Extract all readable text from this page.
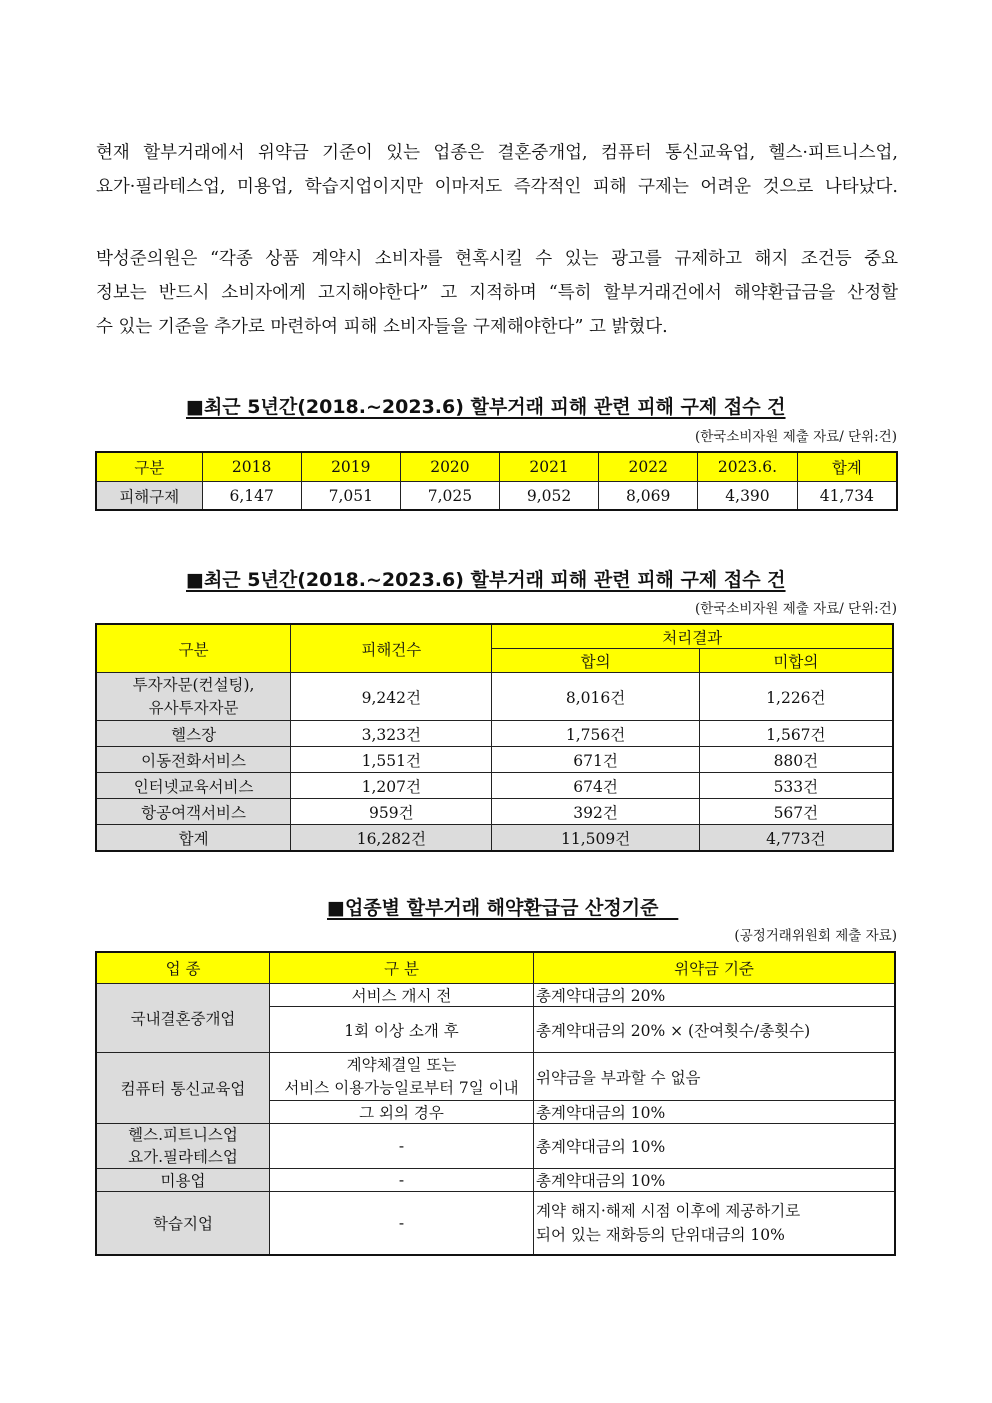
현재 할부거래에서 위약금 기준이 있는 업종은 결혼중개업, 컴퓨터 통신교육업, 헬스·피트니스업,
요가·필라테스업, 미용업, 학습지업이지만 이마저도 즉각적인 피해 구제는 어려운 것으로 나타났다.
박성준의원은 “각종 상품 계약시 소비자를 현혹시킬 수 있는 광고를 규제하고 해지 조건등 중요
정보는 반드시 소비자에게 고지해야한다” 고 지적하며 “특히 할부거래건에서 해약환급금을 산정할
수 있는 기준을 추가로 마련하여 피해 소비자들을 구제해야한다” 고 밝혔다.
■최근 5년간(2018.~2023.6) 할부거래 피해 관련 피해 구제 접수 건
(한국소비자원 제출 자료/ 단위:건)
구분	2018	2019	2020	2021	2022	2023.6.	합계
피해구제	6,147	7,051	7,025	9,052	8,069	4,390	41,734
■최근 5년간(2018.~2023.6) 할부거래 피해 관련 피해 구제 접수 건
(한국소비자원 제출 자료/ 단위:건)
구분	피해건수	처리결과	
		합의	미합의

투자자문(컨설팅),
유사투자자문	9,242건	8,016건	1,226건
헬스장	3,323건	1,756건	1,567건
이동전화서비스	1,551건	671건	880건
인터넷교육서비스	1,207건	674건	533건
항공여객서비스	959건	392건	567건
합계	16,282건	11,509건	4,773건
■업종별 할부거래 해약환급금 산정기준
(공정거래위원회 제출 자료)
업 종	구 분	위약금 기준
국내결혼중개업	서비스 개시 전	총계약대금의 20%
	1회 이상 소개 후	총계약대금의 20% × (잔여횟수/총횟수)
컴퓨터 통신교육업	계약체결일 또는
서비스 이용가능일로부터 7일 이내	위약금을 부과할 수 없음
	그 외의 경우	총계약대금의 10%

헬스.피트니스업
요가.필라테스업	-	총계약대금의 10%
미용업	-	총계약대금의 10%
학습지업	-	계약 해지·해제 시점 이후에 제공하기로
되어 있는 재화등의 단위대금의 10%
